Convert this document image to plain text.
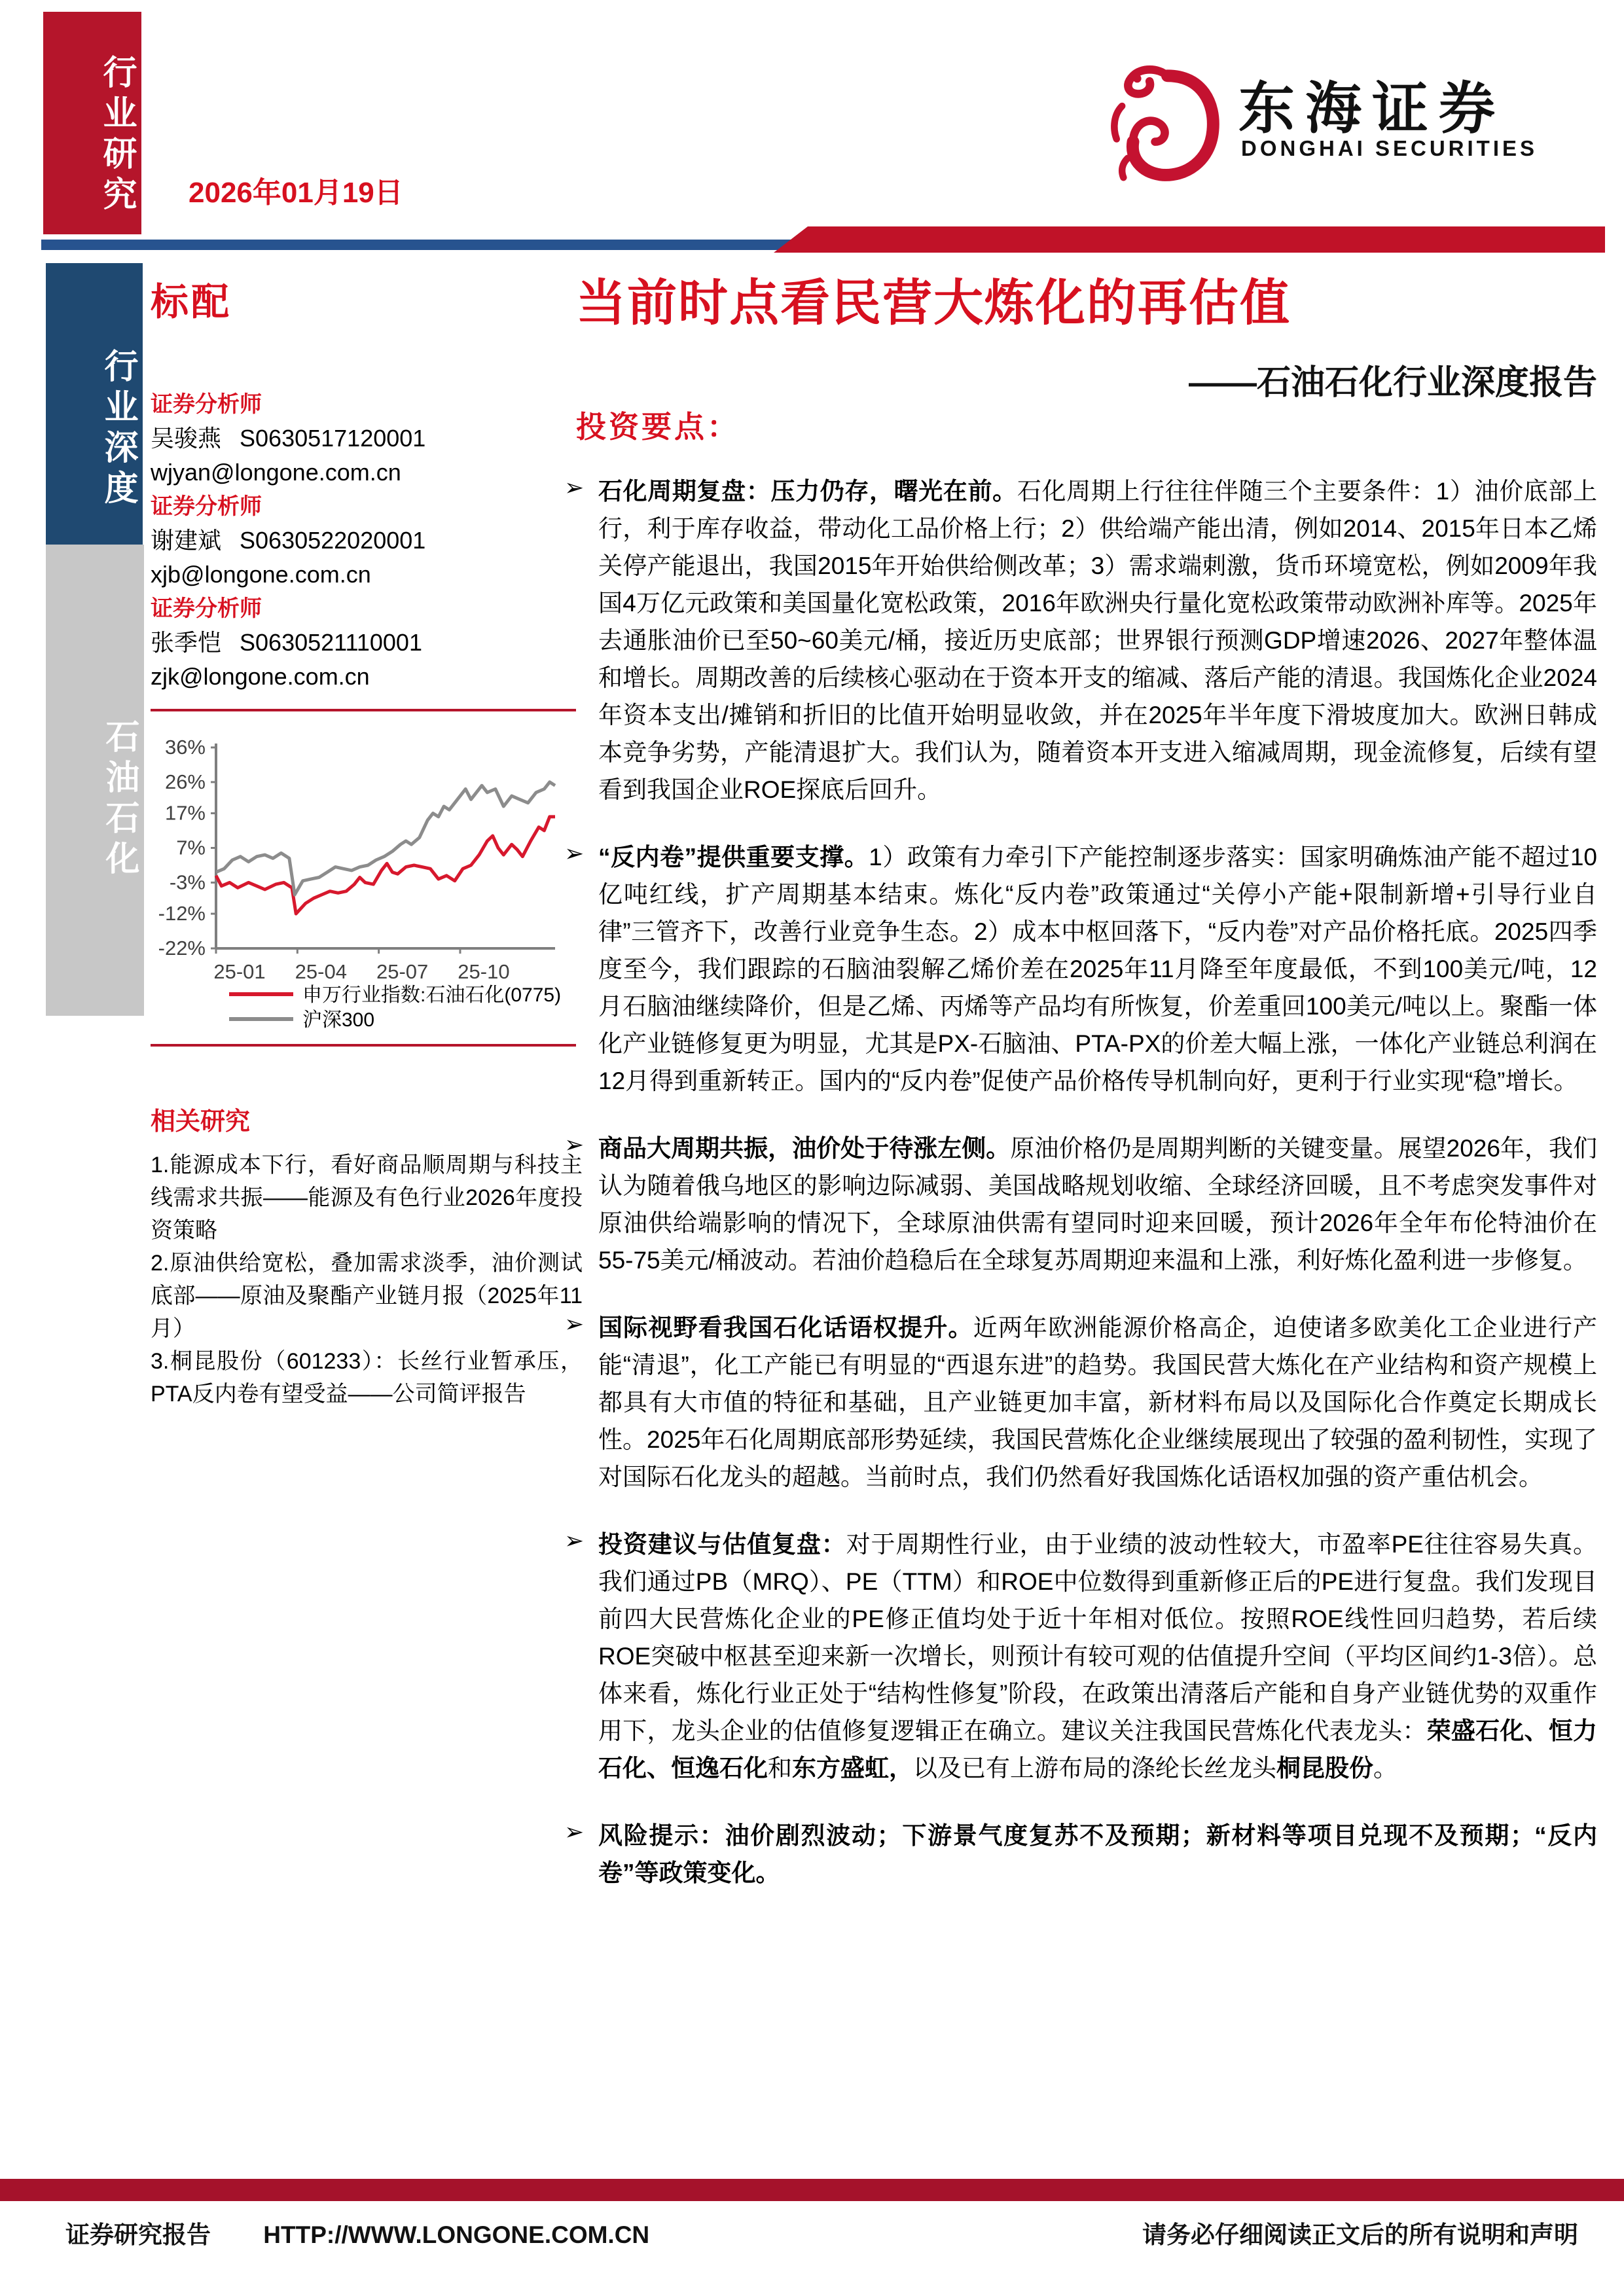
行业研究
行业深度
石油石化
2026年01月19日
东海证券
DONGHAI SECURITIES
当前时点看民营大炼化的再估值
——石油石化行业深度报告
投资要点：
标配
证券分析师
吴骏燕 S0630517120001
wjyan@longone.com.cn
证券分析师
谢建斌 S0630522020001
xjb@longone.com.cn
证券分析师
张季恺 S0630521110001
zjk@longone.com.cn
36%
26%
17%
7%
-3%
-12%
-22%
25-01 25-04 25-07 25-10
申万行业指数:石油石化(0775)
沪深300
相关研究
1.能源成本下行，看好商品顺周期与科技主线需求共振——能源及有色行业2026年度投资策略
2.原油供给宽松，叠加需求淡季，油价测试底部——原油及聚酯产业链月报（2025年11月）
3.桐昆股份（601233）：长丝行业暂承压，PTA反内卷有望受益——公司简评报告
➢ 石化周期复盘：压力仍存，曙光在前。石化周期上行往往伴随三个主要条件：1）油价底部上行，利于库存收益，带动化工品价格上行；2）供给端产能出清，例如2014、2015年日本乙烯关停产能退出，我国2015年开始供给侧改革；3）需求端刺激，货币环境宽松，例如2009年我国4万亿元政策和美国量化宽松政策，2016年欧洲央行量化宽松政策带动欧洲补库等。2025年去通胀油价已至50~60美元/桶，接近历史底部；世界银行预测GDP增速2026、2027年整体温和增长。周期改善的后续核心驱动在于资本开支的缩减、落后产能的清退。我国炼化企业2024年资本支出/摊销和折旧的比值开始明显收敛，并在2025年半年度下滑坡度加大。欧洲日韩成本竞争劣势，产能清退扩大。我们认为，随着资本开支进入缩减周期，现金流修复，后续有望看到我国企业ROE探底后回升。
➢ “反内卷”提供重要支撑。1）政策有力牵引下产能控制逐步落实：国家明确炼油产能不超过10亿吨红线，扩产周期基本结束。炼化“反内卷”政策通过“关停小产能+限制新增+引导行业自律”三管齐下，改善行业竞争生态。2）成本中枢回落下，“反内卷”对产品价格托底。2025四季度至今，我们跟踪的石脑油裂解乙烯价差在2025年11月降至年度最低，不到100美元/吨，12月石脑油继续降价，但是乙烯、丙烯等产品均有所恢复，价差重回100美元/吨以上。聚酯一体化产业链修复更为明显，尤其是PX-石脑油、PTA-PX的价差大幅上涨，一体化产业链总利润在12月得到重新转正。国内的“反内卷”促使产品价格传导机制向好，更利于行业实现“稳”增长。
➢ 商品大周期共振，油价处于待涨左侧。原油价格仍是周期判断的关键变量。展望2026年，我们认为随着俄乌地区的影响边际减弱、美国战略规划收缩、全球经济回暖，且不考虑突发事件对原油供给端影响的情况下，全球原油供需有望同时迎来回暖，预计2026年全年布伦特油价在55-75美元/桶波动。若油价趋稳后在全球复苏周期迎来温和上涨，利好炼化盈利进一步修复。
➢ 国际视野看我国石化话语权提升。近两年欧洲能源价格高企，迫使诸多欧美化工企业进行产能“清退”，化工产能已有明显的“西退东进”的趋势。我国民营大炼化在产业结构和资产规模上都具有大市值的特征和基础，且产业链更加丰富，新材料布局以及国际化合作奠定长期成长性。2025年石化周期底部形势延续，我国民营炼化企业继续展现出了较强的盈利韧性，实现了对国际石化龙头的超越。当前时点，我们仍然看好我国炼化话语权加强的资产重估机会。
➢ 投资建议与估值复盘：对于周期性行业，由于业绩的波动性较大，市盈率PE往往容易失真。我们通过PB（MRQ）、PE（TTM）和ROE中位数得到重新修正后的PE进行复盘。我们发现目前四大民营炼化企业的PE修正值均处于近十年相对低位。按照ROE线性回归趋势，若后续ROE突破中枢甚至迎来新一次增长，则预计有较可观的估值提升空间（平均区间约1-3倍）。总体来看，炼化行业正处于“结构性修复”阶段，在政策出清落后产能和自身产业链优势的双重作用下，龙头企业的估值修复逻辑正在确立。建议关注我国民营炼化代表龙头：荣盛石化、恒力石化、恒逸石化和东方盛虹，以及已有上游布局的涤纶长丝龙头桐昆股份。
➢ 风险提示：油价剧烈波动；下游景气度复苏不及预期；新材料等项目兑现不及预期；“反内卷”等政策变化。
证券研究报告 HTTP://WWW.LONGONE.COM.CN	请务必仔细阅读正文后的所有说明和声明
